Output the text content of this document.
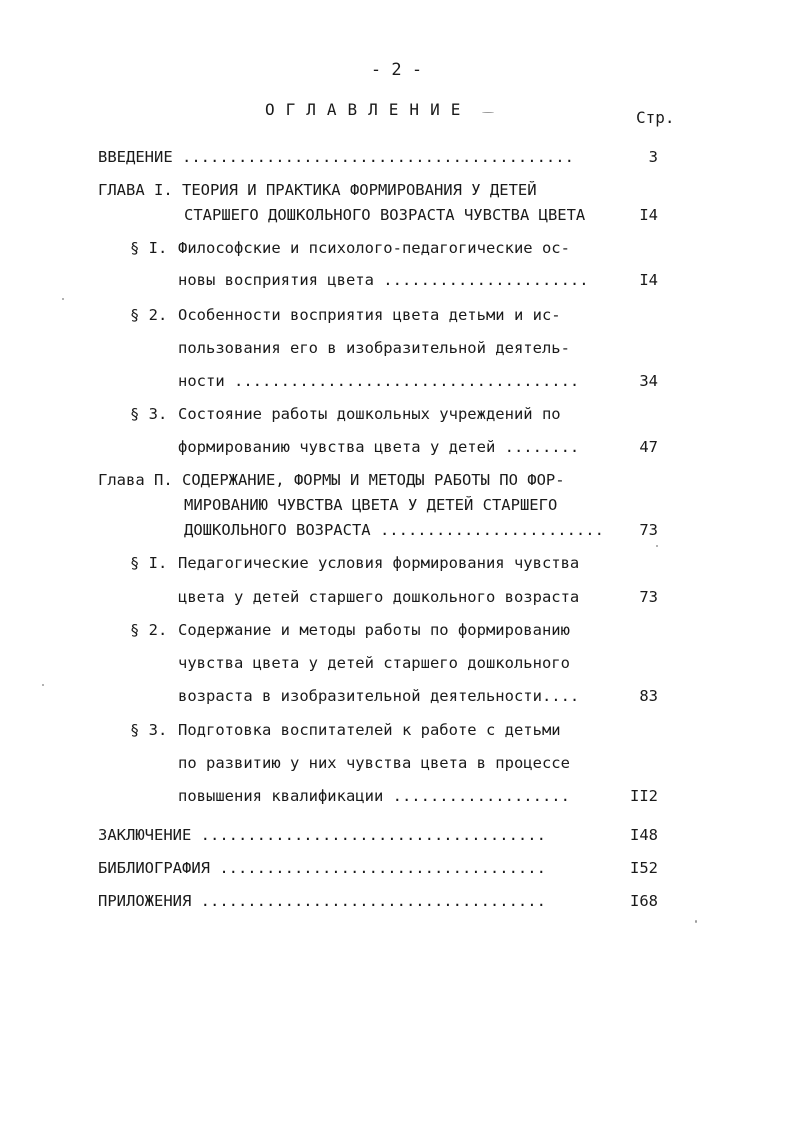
- 2 -
ОГЛАВЛЕНИЕ	Стр.
ВВЕДЕНИЕ ..........................................	3
ГЛАВА I. ТЕОРИЯ И ПРАКТИКА ФОРМИРОВАНИЯ У ДЕТЕЙ
СТАРШЕГО ДОШКОЛЬНОГО ВОЗРАСТА ЧУВСТВА ЦВЕТА	I4
§ I. Философские и психолого-педагогические ос-
новы восприятия цвета ......................	I4
§ 2. Особенности восприятия цвета детьми и ис-
пользования его в изобразительной деятель-
ности .....................................	34
§ 3. Состояние работы дошкольных учреждений по
формированию чувства цвета у детей ........	47
Глава П. СОДЕРЖАНИЕ, ФОРМЫ И МЕТОДЫ РАБОТЫ ПО ФОР-
МИРОВАНИЮ ЧУВСТВА ЦВЕТА У ДЕТЕЙ СТАРШЕГО
ДОШКОЛЬНОГО ВОЗРАСТА ........................	73
§ I. Педагогические условия формирования чувства
цвета у детей старшего дошкольного возраста	73
§ 2. Содержание и методы работы по формированию
чувства цвета у детей старшего дошкольного
возраста в изобразительной деятельности....	83
§ 3. Подготовка воспитателей к работе с детьми
по развитию у них чувства цвета в процессе
повышения квалификации ...................	II2
ЗАКЛЮЧЕНИЕ .....................................	I48
БИБЛИОГРАФИЯ ...................................	I52
ПРИЛОЖЕНИЯ .....................................	I68
